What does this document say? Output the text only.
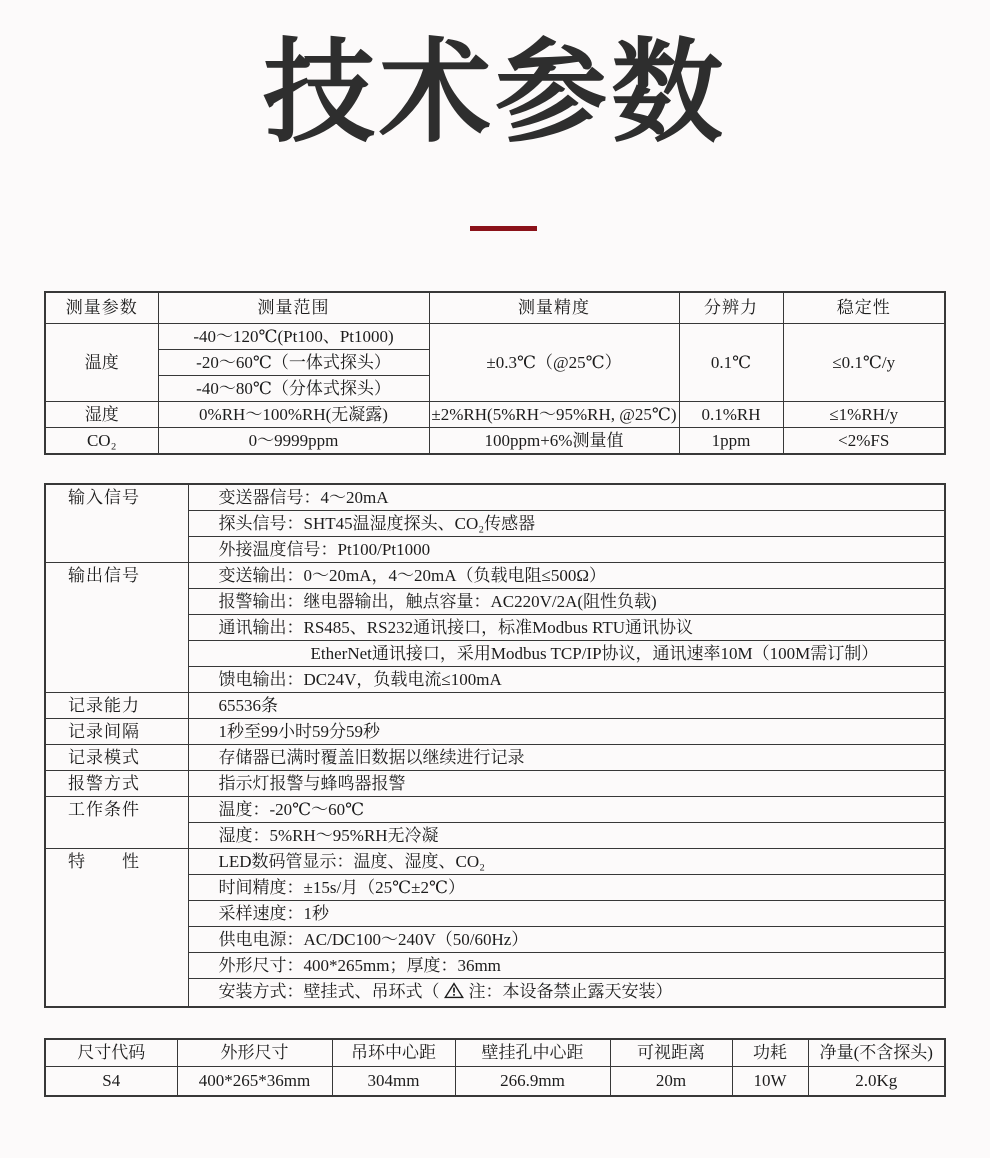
技术参数
测量参数	测量范围	测量精度	分辨力	稳定性
温度	-40～120℃(Pt100、Pt1000)	±0.3℃（@25℃）	0.1℃	≤0.1℃/y
	-20～60℃（一体式探头）			
	-40～80℃（分体式探头）			
湿度	0%RH～100%RH(无凝露)	±2%RH(5%RH～95%RH, @25℃)	0.1%RH	≤1%RH/y
CO₂	0～9999ppm	100ppm+6%测量值	1ppm	<2%FS
输入信号	变送器信号：4～20mA
	探头信号：SHT45温湿度探头、CO₂传感器
	外接温度信号：Pt100/Pt1000
输出信号	变送输出：0～20mA，4～20mA（负载电阻≤500Ω）
	报警输出：继电器输出，触点容量：AC220V/2A(阻性负载)
	通讯输出：RS485、RS232通讯接口，标准Modbus RTU通讯协议
	EtherNet通讯接口，采用Modbus TCP/IP协议，通讯速率10M（100M需订制）
	馈电输出：DC24V，负载电流≤100mA
记录能力	65536条
记录间隔	1秒至99小时59分59秒
记录模式	存储器已满时覆盖旧数据以继续进行记录
报警方式	指示灯报警与蜂鸣器报警
工作条件	温度：-20℃～60℃
	湿度：5%RH～95%RH无冷凝
特　　性	LED数码管显示：温度、湿度、CO₂
	时间精度：±15s/月（25℃±2℃）
	采样速度：1秒
	供电电源：AC/DC100～240V（50/60Hz）
	外形尺寸：400*265mm；厚度：36mm
	安装方式：壁挂式、吊环式（ 注：本设备禁止露天安装）
尺寸代码	外形尺寸	吊环中心距	壁挂孔中心距	可视距离	功耗	净量(不含探头)
S4	400*265*36mm	304mm	266.9mm	20m	10W	2.0Kg
